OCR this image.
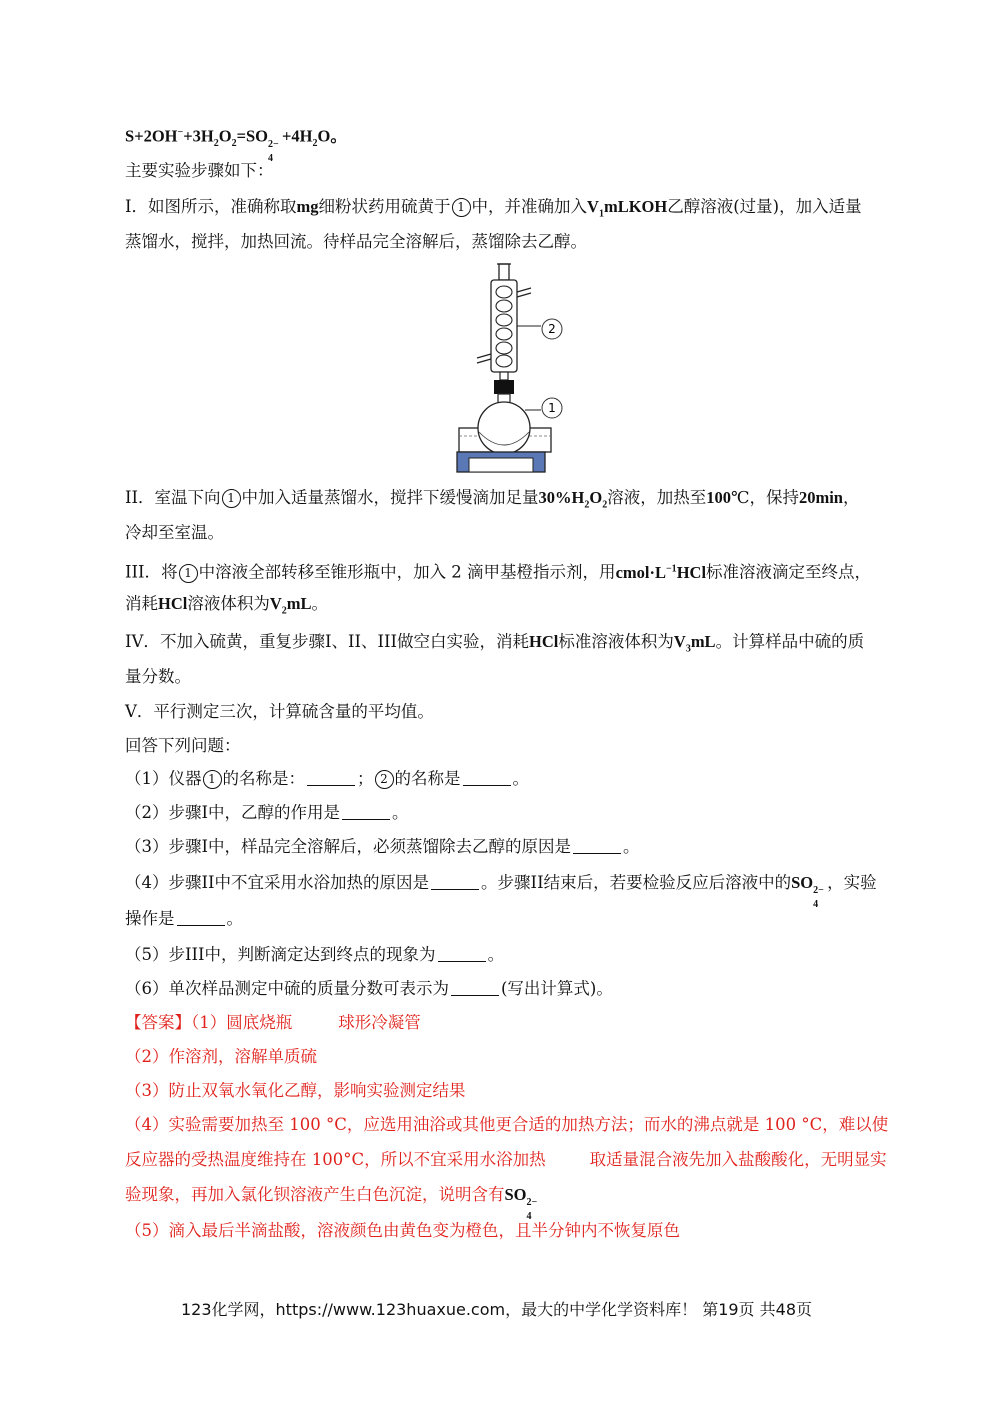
$S+2OH^-+3H_2O_2=SO$ 2−
4
$+4H_2O$。
主要实验步骤如下：
I．如图所示，准确称取mg细粉状药用硫黄于 1 中，并准确加入$V_1mLKOH$乙醇溶液(过量)，加入适量
蒸馏水，搅拌，加热回流。待样品完全溶解后，蒸馏除去乙醇。
2
1
II．室温下向 1 中加入适量蒸馏水，搅拌下缓慢滴加足量$30\%H_2O_2$溶液，加热至100℃，保持20min，
冷却至室温。
III．将 1 中溶液全部转移至锥形瓶中，加入 2 滴甲基橙指示剂，用$cmol\cdot L^{-1}HCl$标准溶液滴定至终点，
消耗HCl溶液体积为$V_2mL$。
IV．不加入硫黄，重复步骤I、II、III做空白实验，消耗HCl标准溶液体积为$V_3mL$。计算样品中硫的质
量分数。
V．平行测定三次，计算硫含量的平均值。
回答下列问题：
（1）仪器 1 的名称是：	； 2 的名称是	。
（2）步骤I中，乙醇的作用是	。
（3）步骤I中，样品完全溶解后，必须蒸馏除去乙醇的原因是	。
（4）步骤II中不宜采用水浴加热的原因是	。步骤II结束后，若要检验反应后溶液中的SO 2−
4
，实验
操作是	。
（5）步III中，判断滴定达到终点的现象为	。
（6）单次样品测定中硫的质量分数可表示为	(写出计算式)。
【答案】（1）圆底烧瓶	球形冷凝管
（2）作溶剂，溶解单质硫
（3）防止双氧水氧化乙醇，影响实验测定结果
（4）实验需要加热至 100 °C，应选用油浴或其他更合适的加热方法；而水的沸点就是 100 °C，难以使
反应器的受热温度维持在 100°C，所以不宜采用水浴加热	取适量混合液先加入盐酸酸化，无明显实
验现象，再加入氯化钡溶液产生白色沉淀，说明含有SO 2−
4
（5）滴入最后半滴盐酸，溶液颜色由黄色变为橙色，且半分钟内不恢复原色
123化学网，https://www.123huaxue.com，最大的中学化学资料库！ 第19页 共48页
